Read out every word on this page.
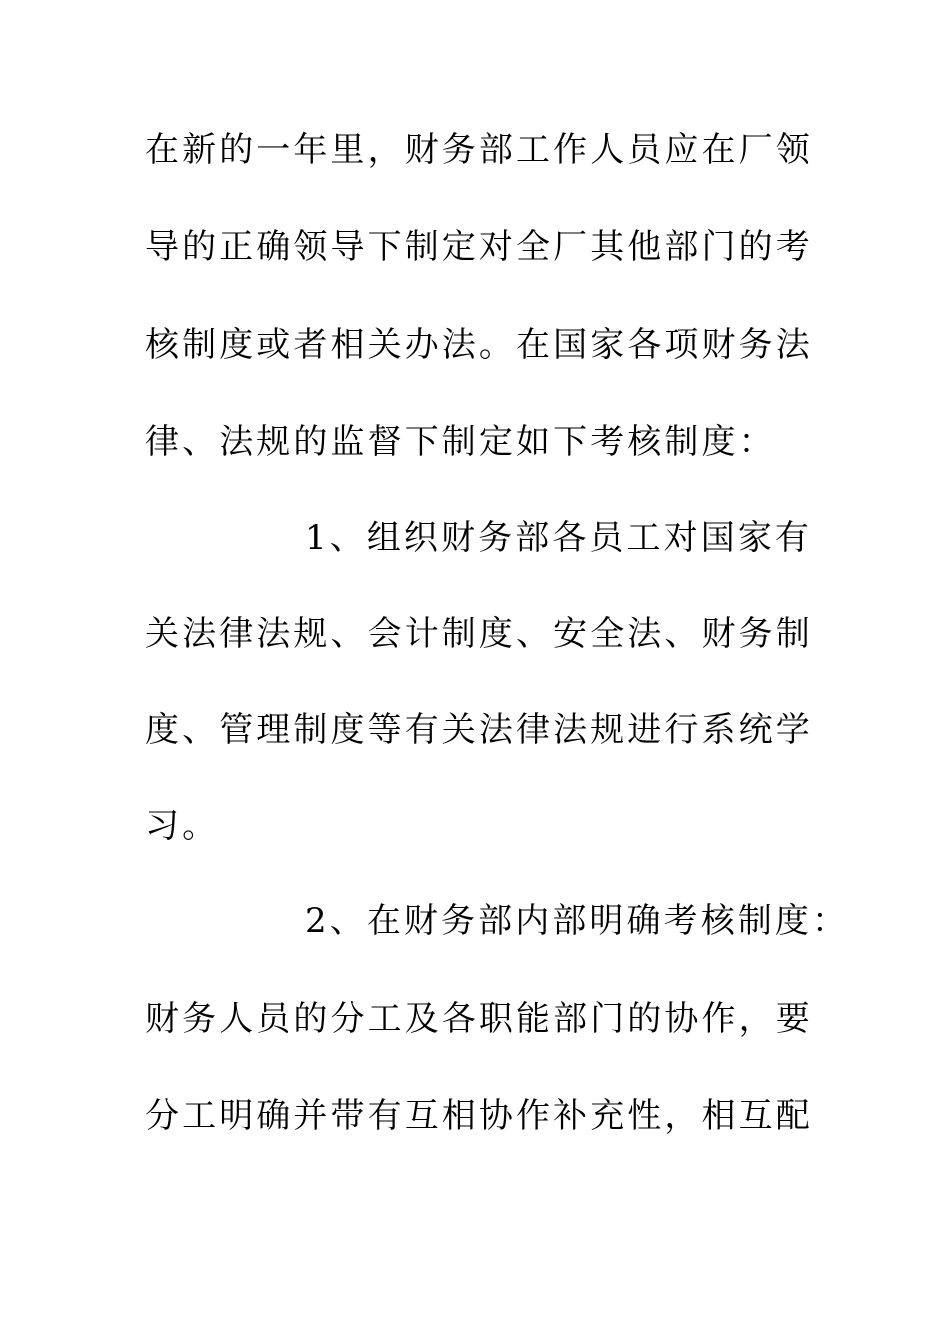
在新的一年里，财务部工作人员应在厂领
导的正确领导下制定对全厂其他部门的考
核制度或者相关办法。在国家各项财务法
律、法规的监督下制定如下考核制度：
1、组织财务部各员工对国家有
关法律法规、会计制度、安全法、财务制
度、管理制度等有关法律法规进行系统学
习。
2、在财务部内部明确考核制度：
财务人员的分工及各职能部门的协作，要
分工明确并带有互相协作补充性，相互配
